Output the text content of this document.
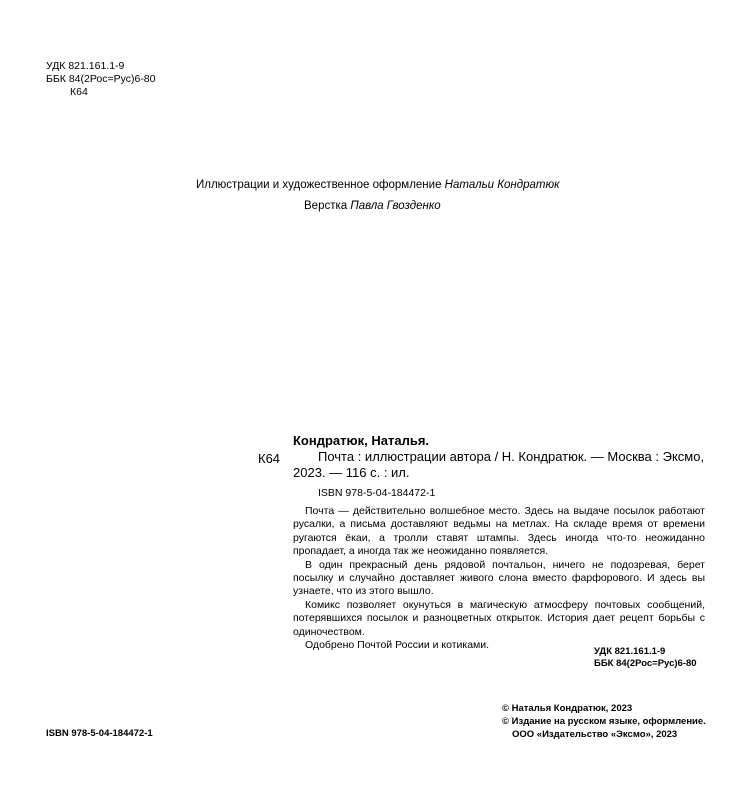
УДК 821.161.1-9
ББК 84(2Рос=Рус)6-80
К64
Иллюстрации и художественное оформление Натальи Кондратюк
Верстка Павла Гвозденко
Кондратюк, Наталья.
К64	Почта : иллюстрации автора / Н. Кондратюк. — Москва : Эксмо,
2023. — 116 с. : ил.
ISBN 978-5-04-184472-1

Почта — действительно волшебное место. Здесь на выдаче посылок работают русалки, а письма доставляют ведьмы на метлах. На складе время от времени ругаются ёкаи, а тролли ставят штампы. Здесь иногда что-то неожиданно пропадает, а иногда так же неожиданно появляется.

В один прекрасный день рядовой почтальон, ничего не подозревая, берет посылку и случайно доставляет живого слона вместо фарфорового. И здесь вы узнаете, что из этого вышло.

Комикс позволяет окунуться в магическую атмосферу почтовых сообщений, потерявшихся посылок и разноцветных открыток. История дает рецепт борьбы с одиночеством.

Одобрено Почтой России и котиками.

УДК 821.161.1-9
ББК 84(2Рос=Рус)6-80
ISBN 978-5-04-184472-1
© Наталья Кондратюк, 2023
© Издание на русском языке, оформление.
ООО «Издательство «Эксмо», 2023
